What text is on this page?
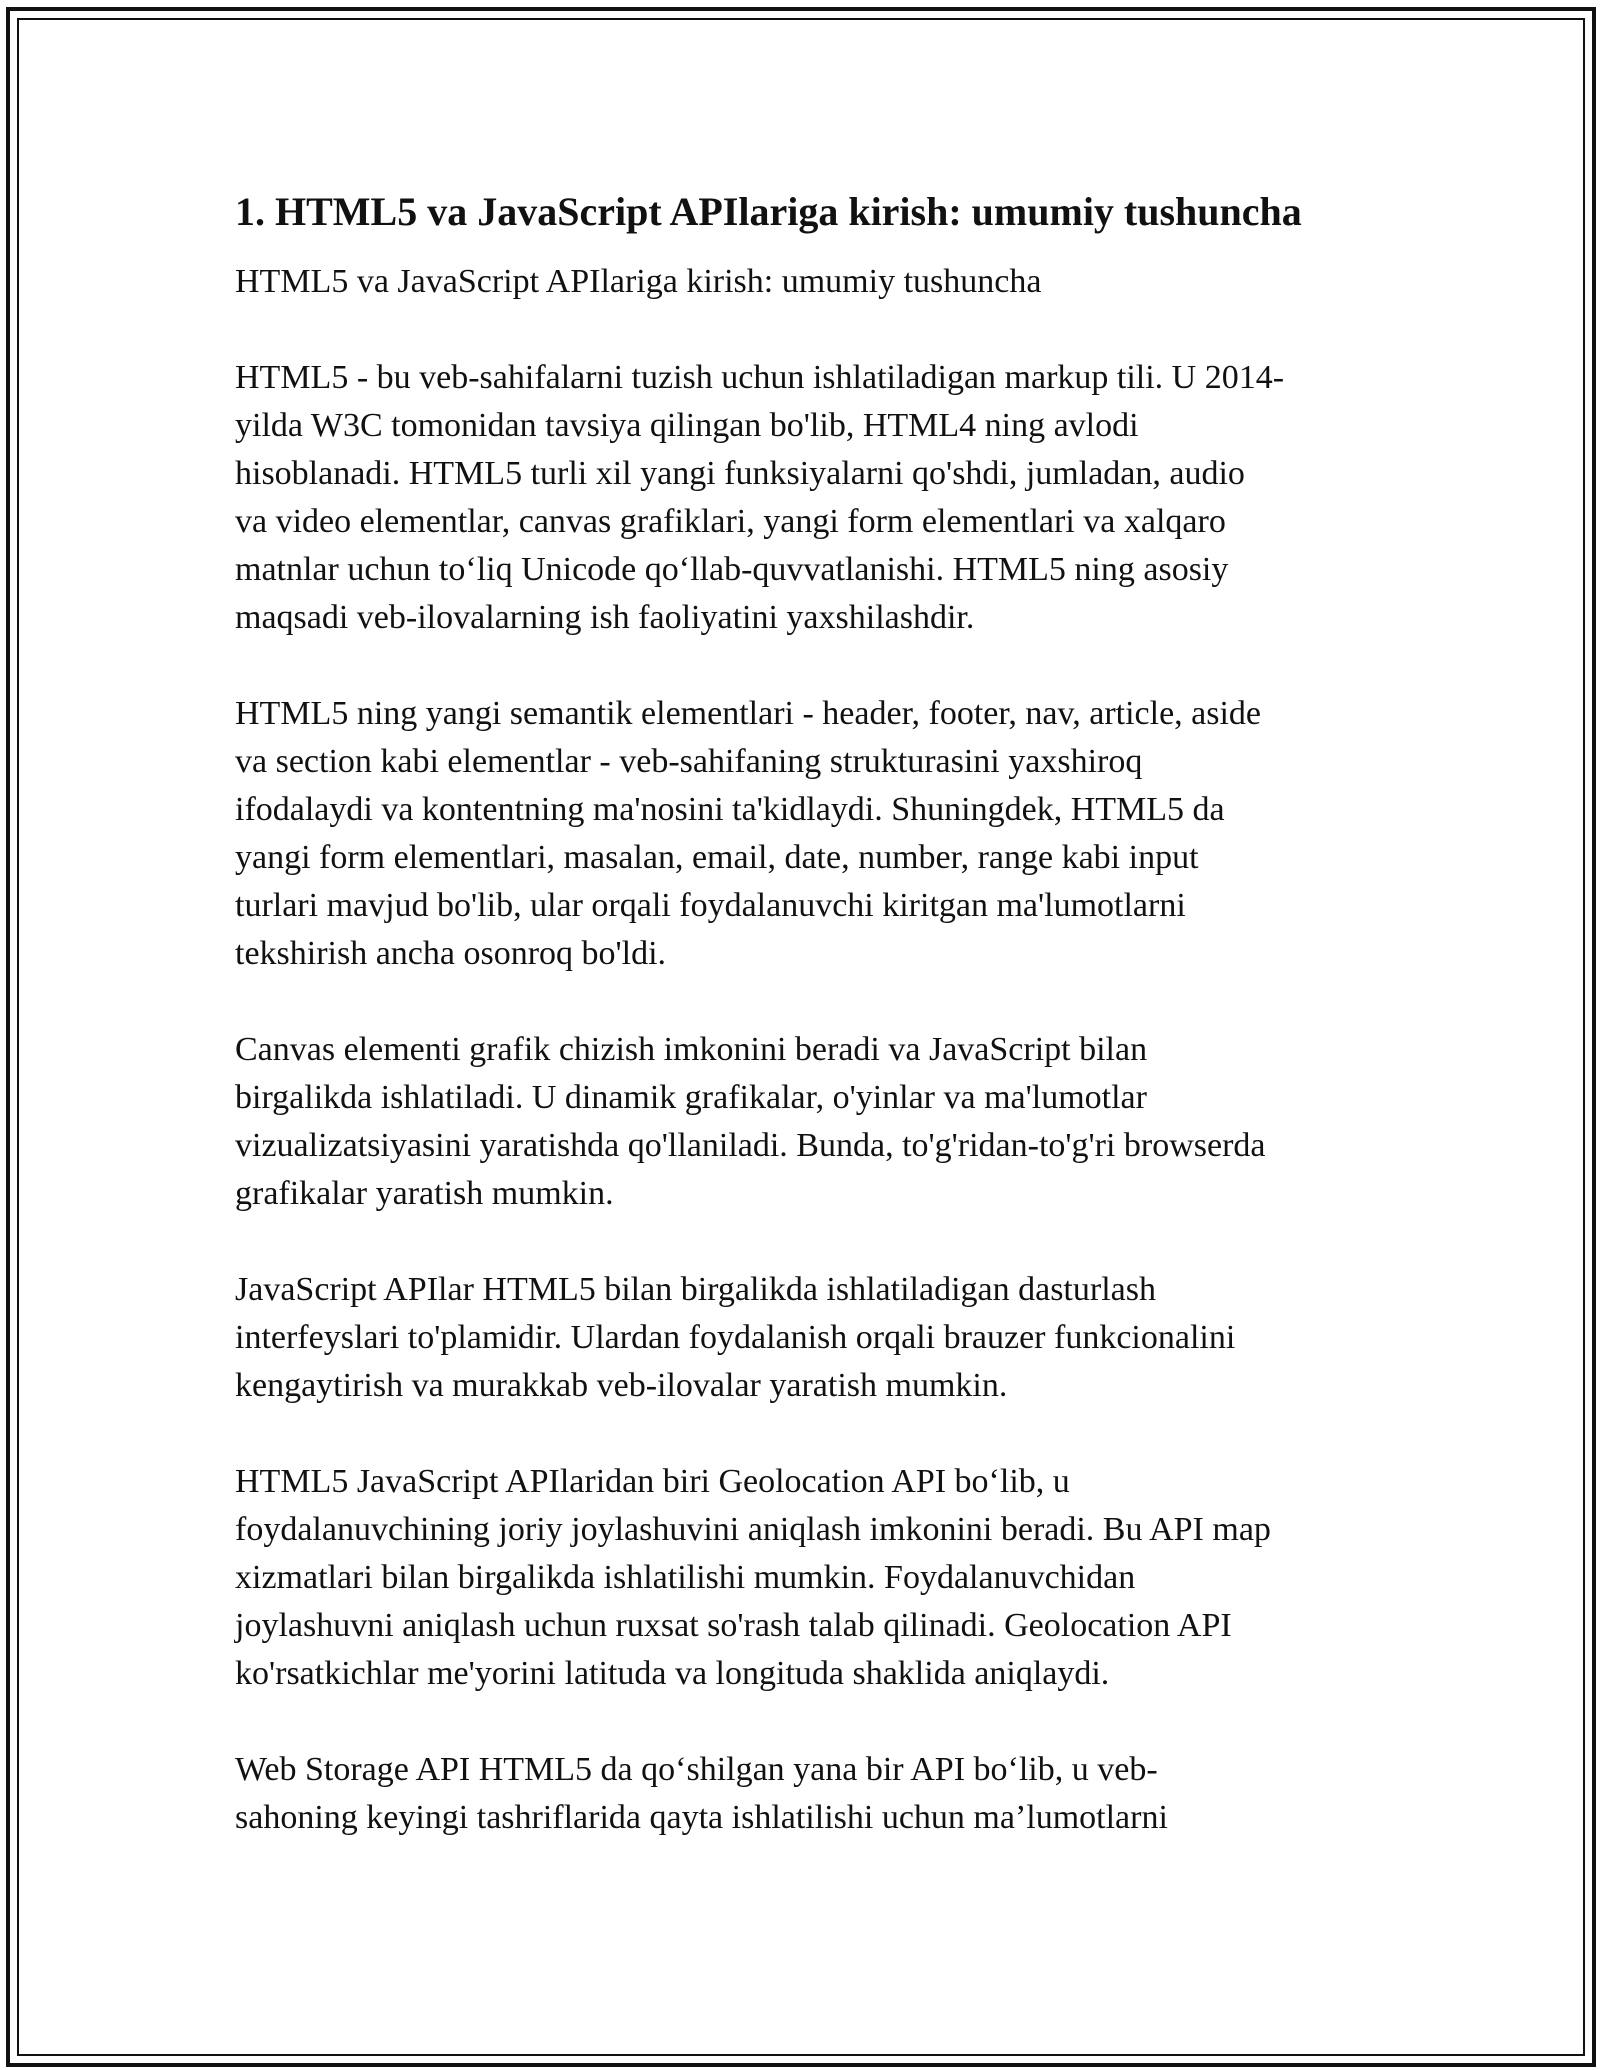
1. HTML5 va JavaScript APIlariga kirish: umumiy tushuncha

HTML5 va JavaScript APIlariga kirish: umumiy tushuncha

HTML5 - bu veb-sahifalarni tuzish uchun ishlatiladigan markup tili. U 2014-
yilda W3C tomonidan tavsiya qilingan bo'lib, HTML4 ning avlodi
hisoblanadi. HTML5 turli xil yangi funksiyalarni qo'shdi, jumladan, audio
va video elementlar, canvas grafiklari, yangi form elementlari va xalqaro
matnlar uchun to‘liq Unicode qo‘llab-quvvatlanishi. HTML5 ning asosiy
maqsadi veb-ilovalarning ish faoliyatini yaxshilashdir.

HTML5 ning yangi semantik elementlari - header, footer, nav, article, aside
va section kabi elementlar - veb-sahifaning strukturasini yaxshiroq
ifodalaydi va kontentning ma'nosini ta'kidlaydi. Shuningdek, HTML5 da
yangi form elementlari, masalan, email, date, number, range kabi input
turlari mavjud bo'lib, ular orqali foydalanuvchi kiritgan ma'lumotlarni
tekshirish ancha osonroq bo'ldi.

Canvas elementi grafik chizish imkonini beradi va JavaScript bilan
birgalikda ishlatiladi. U dinamik grafikalar, o'yinlar va ma'lumotlar
vizualizatsiyasini yaratishda qo'llaniladi. Bunda, to'g'ridan-to'g'ri browserda
grafikalar yaratish mumkin.

JavaScript APIlar HTML5 bilan birgalikda ishlatiladigan dasturlash
interfeyslari to'plamidir. Ulardan foydalanish orqali brauzer funkcionalini
kengaytirish va murakkab veb-ilovalar yaratish mumkin.

HTML5 JavaScript APIlaridan biri Geolocation API bo‘lib, u
foydalanuvchining joriy joylashuvini aniqlash imkonini beradi. Bu API map
xizmatlari bilan birgalikda ishlatilishi mumkin. Foydalanuvchidan
joylashuvni aniqlash uchun ruxsat so'rash talab qilinadi. Geolocation API
ko'rsatkichlar me'yorini latituda va longituda shaklida aniqlaydi.

Web Storage API HTML5 da qo‘shilgan yana bir API bo‘lib, u veb-
sahoning keyingi tashriflarida qayta ishlatilishi uchun ma’lumotlarni
